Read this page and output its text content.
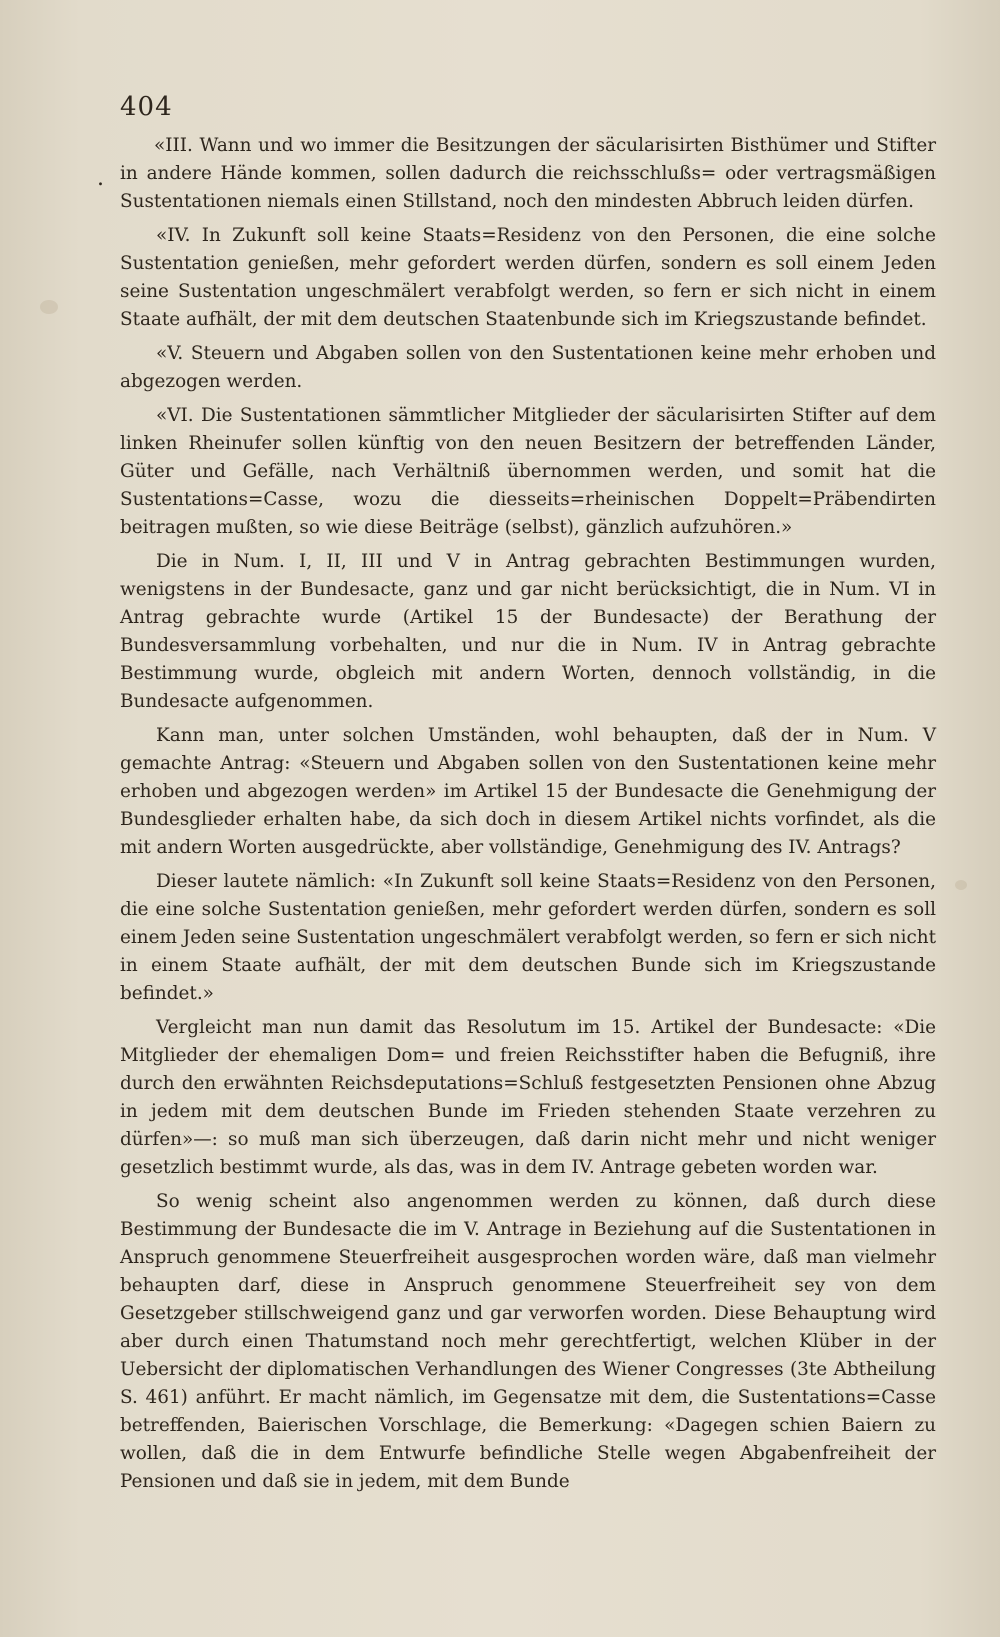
404
.

«III. Wann und wo immer die Besitzungen der säcularisirten Bisthümer und Stifter in andere Hände kommen, sollen dadurch die reichsschlußs= oder vertragsmäßigen Sustentationen niemals einen Stillstand, noch den mindesten Abbruch leiden dürfen.

«IV. In Zukunft soll keine Staats=Residenz von den Personen, die eine solche Sustentation genießen, mehr gefordert werden dürfen, sondern es soll einem Jeden seine Sustentation ungeschmälert verabfolgt werden, so fern er sich nicht in einem Staate aufhält, der mit dem deutschen Staatenbunde sich im Kriegszustande befindet.

«V. Steuern und Abgaben sollen von den Sustentationen keine mehr erhoben und abgezogen werden.

«VI. Die Sustentationen sämmtlicher Mitglieder der säcularisirten Stifter auf dem linken Rheinufer sollen künftig von den neuen Besitzern der betreffenden Länder, Güter und Gefälle, nach Verhältniß übernommen werden, und somit hat die Sustentations=Casse, wozu die diesseits=rheinischen Doppelt=Präbendirten beitragen mußten, so wie diese Beiträge (selbst), gänzlich aufzuhören.»

Die in Num. I, II, III und V in Antrag gebrachten Bestimmungen wurden, wenigstens in der Bundesacte, ganz und gar nicht berücksichtigt, die in Num. VI in Antrag gebrachte wurde (Artikel 15 der Bundesacte) der Berathung der Bundesversammlung vorbehalten, und nur die in Num. IV in Antrag gebrachte Bestimmung wurde, obgleich mit andern Worten, dennoch vollständig, in die Bundesacte aufgenommen.

Kann man, unter solchen Umständen, wohl behaupten, daß der in Num. V gemachte Antrag: «Steuern und Abgaben sollen von den Sustentationen keine mehr erhoben und abgezogen werden» im Artikel 15 der Bundesacte die Genehmigung der Bundesglieder erhalten habe, da sich doch in diesem Artikel nichts vorfindet, als die mit andern Worten ausgedrückte, aber vollständige, Genehmigung des IV. Antrags?

Dieser lautete nämlich: «In Zukunft soll keine Staats=Residenz von den Personen, die eine solche Sustentation genießen, mehr gefordert werden dürfen, sondern es soll einem Jeden seine Sustentation ungeschmälert verabfolgt werden, so fern er sich nicht in einem Staate aufhält, der mit dem deutschen Bunde sich im Kriegszustande befindet.»

Vergleicht man nun damit das Resolutum im 15. Artikel der Bundesacte: «Die Mitglieder der ehemaligen Dom= und freien Reichsstifter haben die Befugniß, ihre durch den erwähnten Reichsdeputations=Schluß festgesetzten Pensionen ohne Abzug in jedem mit dem deutschen Bunde im Frieden stehenden Staate verzehren zu dürfen»—: so muß man sich überzeugen, daß darin nicht mehr und nicht weniger gesetzlich bestimmt wurde, als das, was in dem IV. Antrage gebeten worden war.

So wenig scheint also angenommen werden zu können, daß durch diese Bestimmung der Bundesacte die im V. Antrage in Beziehung auf die Sustentationen in Anspruch genommene Steuerfreiheit ausgesprochen worden wäre, daß man vielmehr behaupten darf, diese in Anspruch genommene Steuerfreiheit sey von dem Gesetzgeber stillschweigend ganz und gar verworfen worden. Diese Behauptung wird aber durch einen Thatumstand noch mehr gerechtfertigt, welchen Klüber in der Uebersicht der diplomatischen Verhandlungen des Wiener Congresses (3te Abtheilung S. 461) anführt. Er macht nämlich, im Gegensatze mit dem, die Sustentations=Casse betreffenden, Baierischen Vorschlage, die Bemerkung: «Dagegen schien Baiern zu wollen, daß die in dem Entwurfe befindliche Stelle wegen Abgabenfreiheit der Pensionen und daß sie in jedem, mit dem Bunde
